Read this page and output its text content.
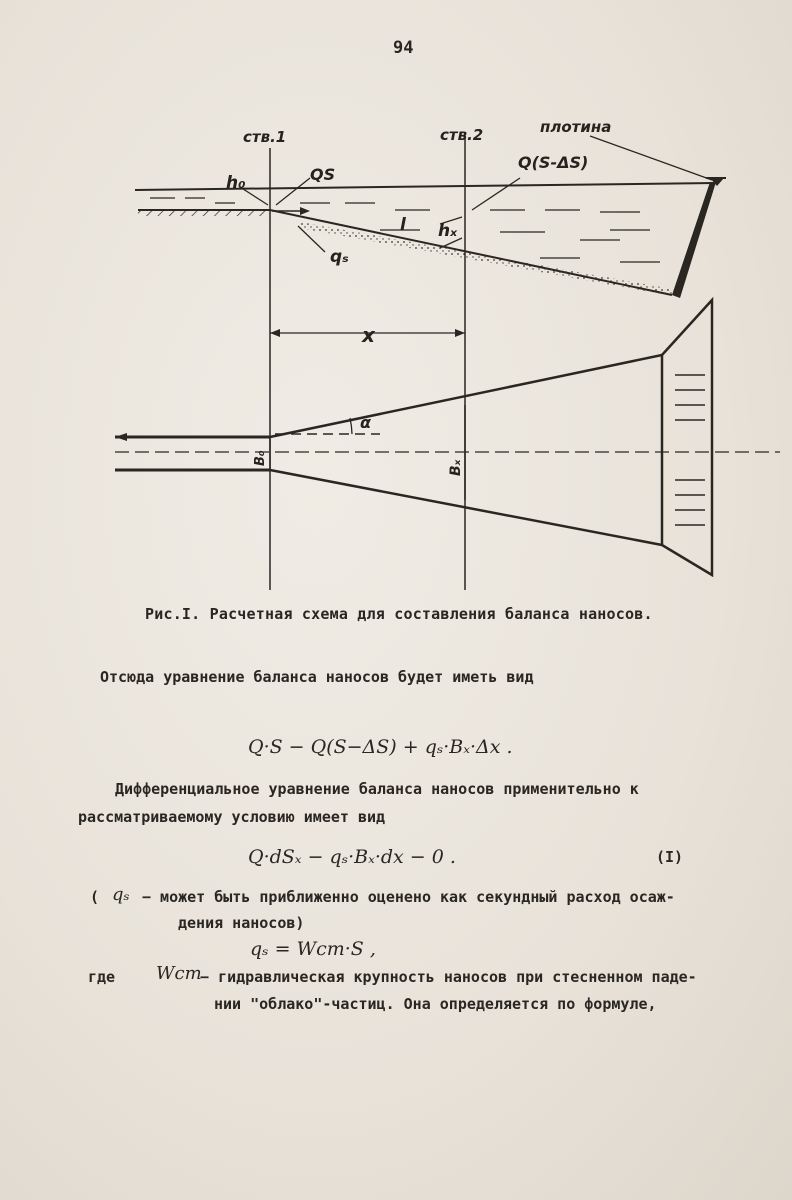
94
ств.1	ств.2	плотина
h₀	QS
Q(S-ΔS)
l hₓ
qₛ
x
α
B₀
Bₓ
Рис.I. Расчетная схема для составления баланса наносов.
Отсюда уравнение баланса наносов будет иметь вид
Q·S − Q(S−ΔS) + qₛ·Bₓ·Δx .
Дифференциальное уравнение баланса наносов применительно к
рассматриваемому условию имеет вид
Q·dSₓ − qₛ·Bₓ·dx − 0 .	(I)
( qₛ − может быть приближенно оценено как секундный расход осаж-
дения наносов)
qₛ = Wст·S ,
где Wст
− гидравлическая крупность наносов при стесненном паде-
нии "облако"-частиц. Она определяется по формуле,
